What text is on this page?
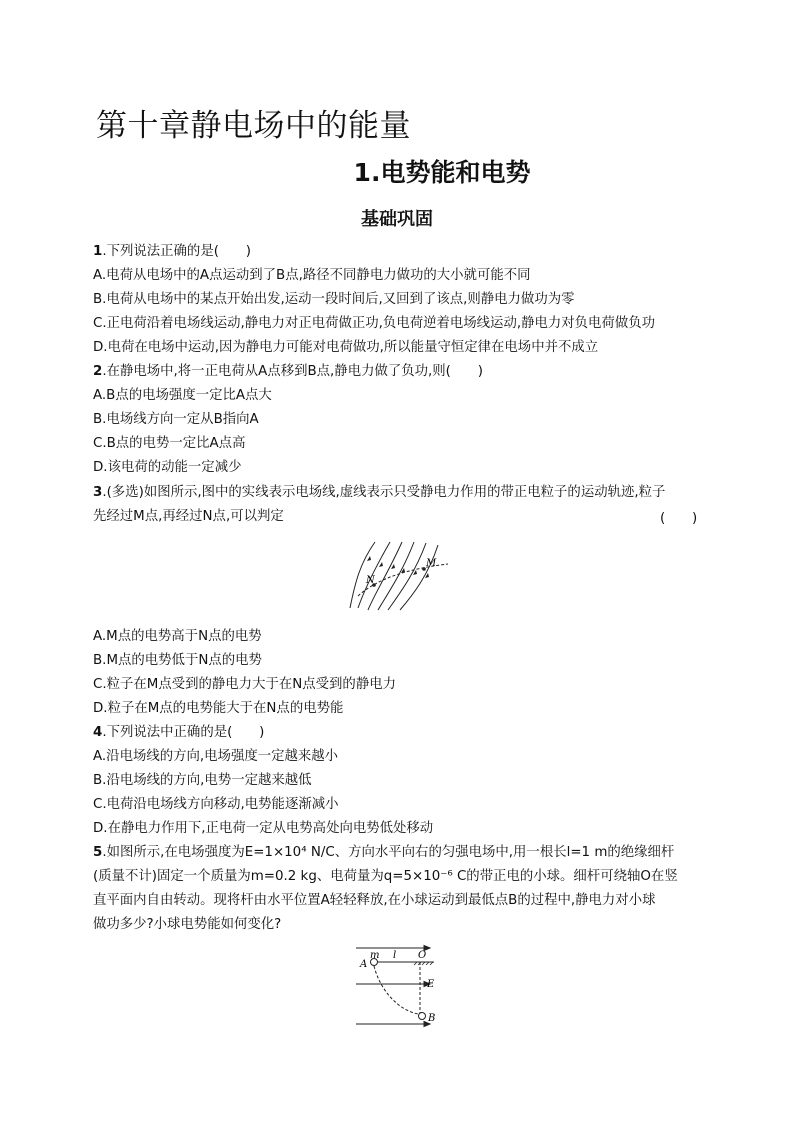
第十章静电场中的能量
1.电势能和电势
基础巩固
1.下列说法正确的是(　　)
A.电荷从电场中的A点运动到了B点,路径不同静电力做功的大小就可能不同
B.电荷从电场中的某点开始出发,运动一段时间后,又回到了该点,则静电力做功为零
C.正电荷沿着电场线运动,静电力对正电荷做正功,负电荷逆着电场线运动,静电力对负电荷做负功
D.电荷在电场中运动,因为静电力可能对电荷做功,所以能量守恒定律在电场中并不成立
2.在静电场中,将一正电荷从A点移到B点,静电力做了负功,则(　　)
A.B点的电场强度一定比A点大
B.电场线方向一定从B指向A
C.B点的电势一定比A点高
D.该电荷的动能一定减少
3.(多选)如图所示,图中的实线表示电场线,虚线表示只受静电力作用的带正电粒子的运动轨迹,粒子
先经过M点,再经过N点,可以判定	(　　)
M
N
A.M点的电势高于N点的电势
B.M点的电势低于N点的电势
C.粒子在M点受到的静电力大于在N点受到的静电力
D.粒子在M点的电势能大于在N点的电势能
4.下列说法中正确的是(　　)
A.沿电场线的方向,电场强度一定越来越小
B.沿电场线的方向,电势一定越来越低
C.电荷沿电场线方向移动,电势能逐渐减小
D.在静电力作用下,正电荷一定从电势高处向电势低处移动
5.如图所示,在电场强度为E=1×10⁴ N/C、方向水平向右的匀强电场中,用一根长l=1 m的绝缘细杆
(质量不计)固定一个质量为m=0.2 kg、电荷量为q=5×10⁻⁶ C的带正电的小球。细杆可绕轴O在竖
直平面内自由转动。现将杆由水平位置A轻轻释放,在小球运动到最低点B的过程中,静电力对小球
做功多少?小球电势能如何变化?
A
m l O
E
B
